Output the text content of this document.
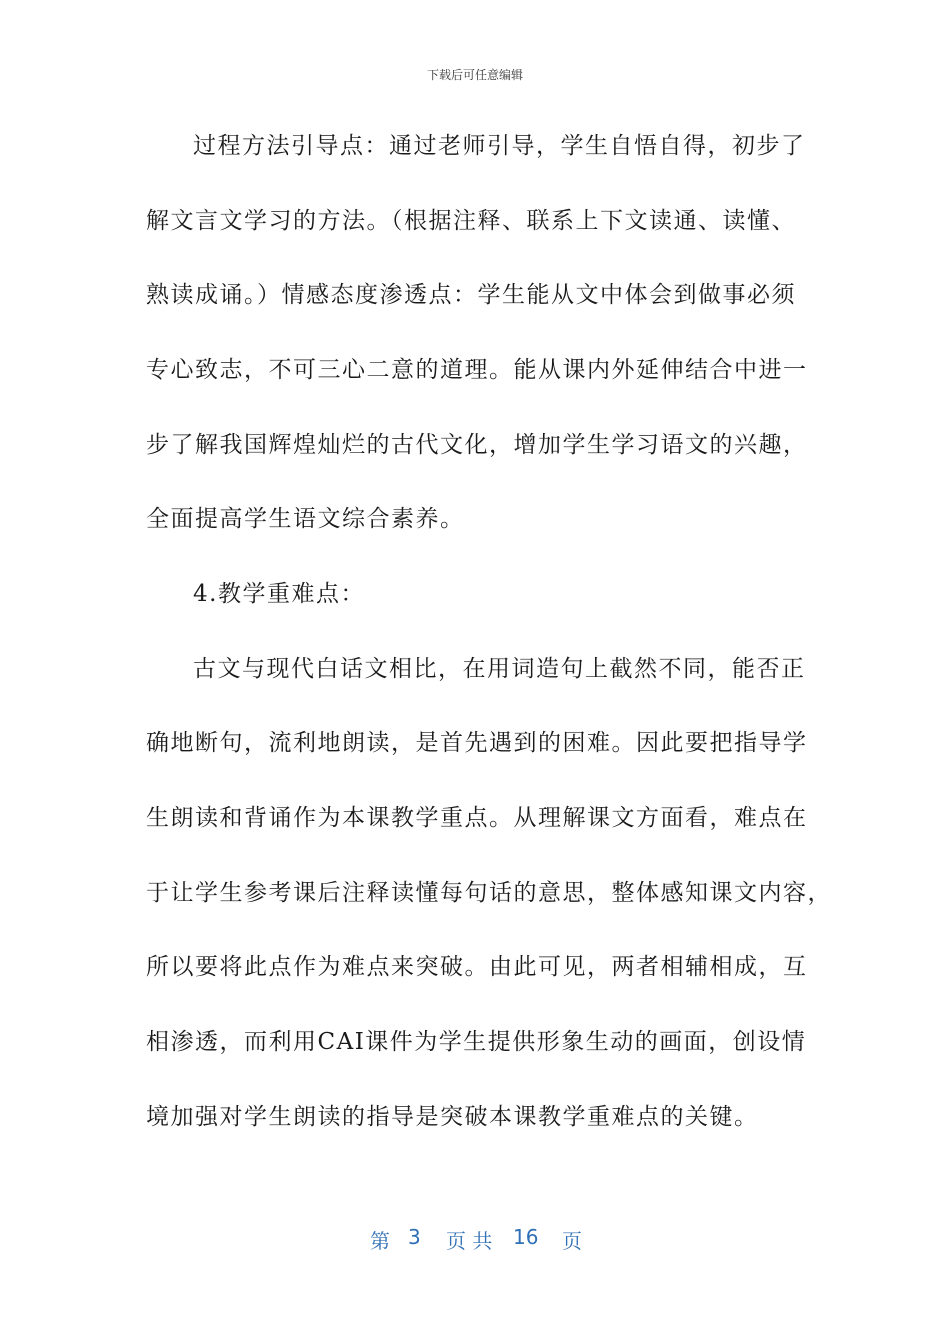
下载后可任意编辑
过程方法引导点：通过老师引导，学生自悟自得，初步了
解文言文学习的方法。（根据注释、联系上下文读通、读懂、
熟读成诵。）情感态度渗透点：学生能从文中体会到做事必须
专心致志，不可三心二意的道理。能从课内外延伸结合中进一
步了解我国辉煌灿烂的古代文化，增加学生学习语文的兴趣，
全面提高学生语文综合素养。
4.教学重难点：
古文与现代白话文相比，在用词造句上截然不同，能否正
确地断句，流利地朗读，是首先遇到的困难。因此要把指导学
生朗读和背诵作为本课教学重点。从理解课文方面看，难点在
于让学生参考课后注释读懂每句话的意思，整体感知课文内容，
所以要将此点作为难点来突破。由此可见，两者相辅相成，互
相渗透，而利用CAI课件为学生提供形象生动的画面，创设情
境加强对学生朗读的指导是突破本课教学重难点的关键。
第 3 页 共 16 页
